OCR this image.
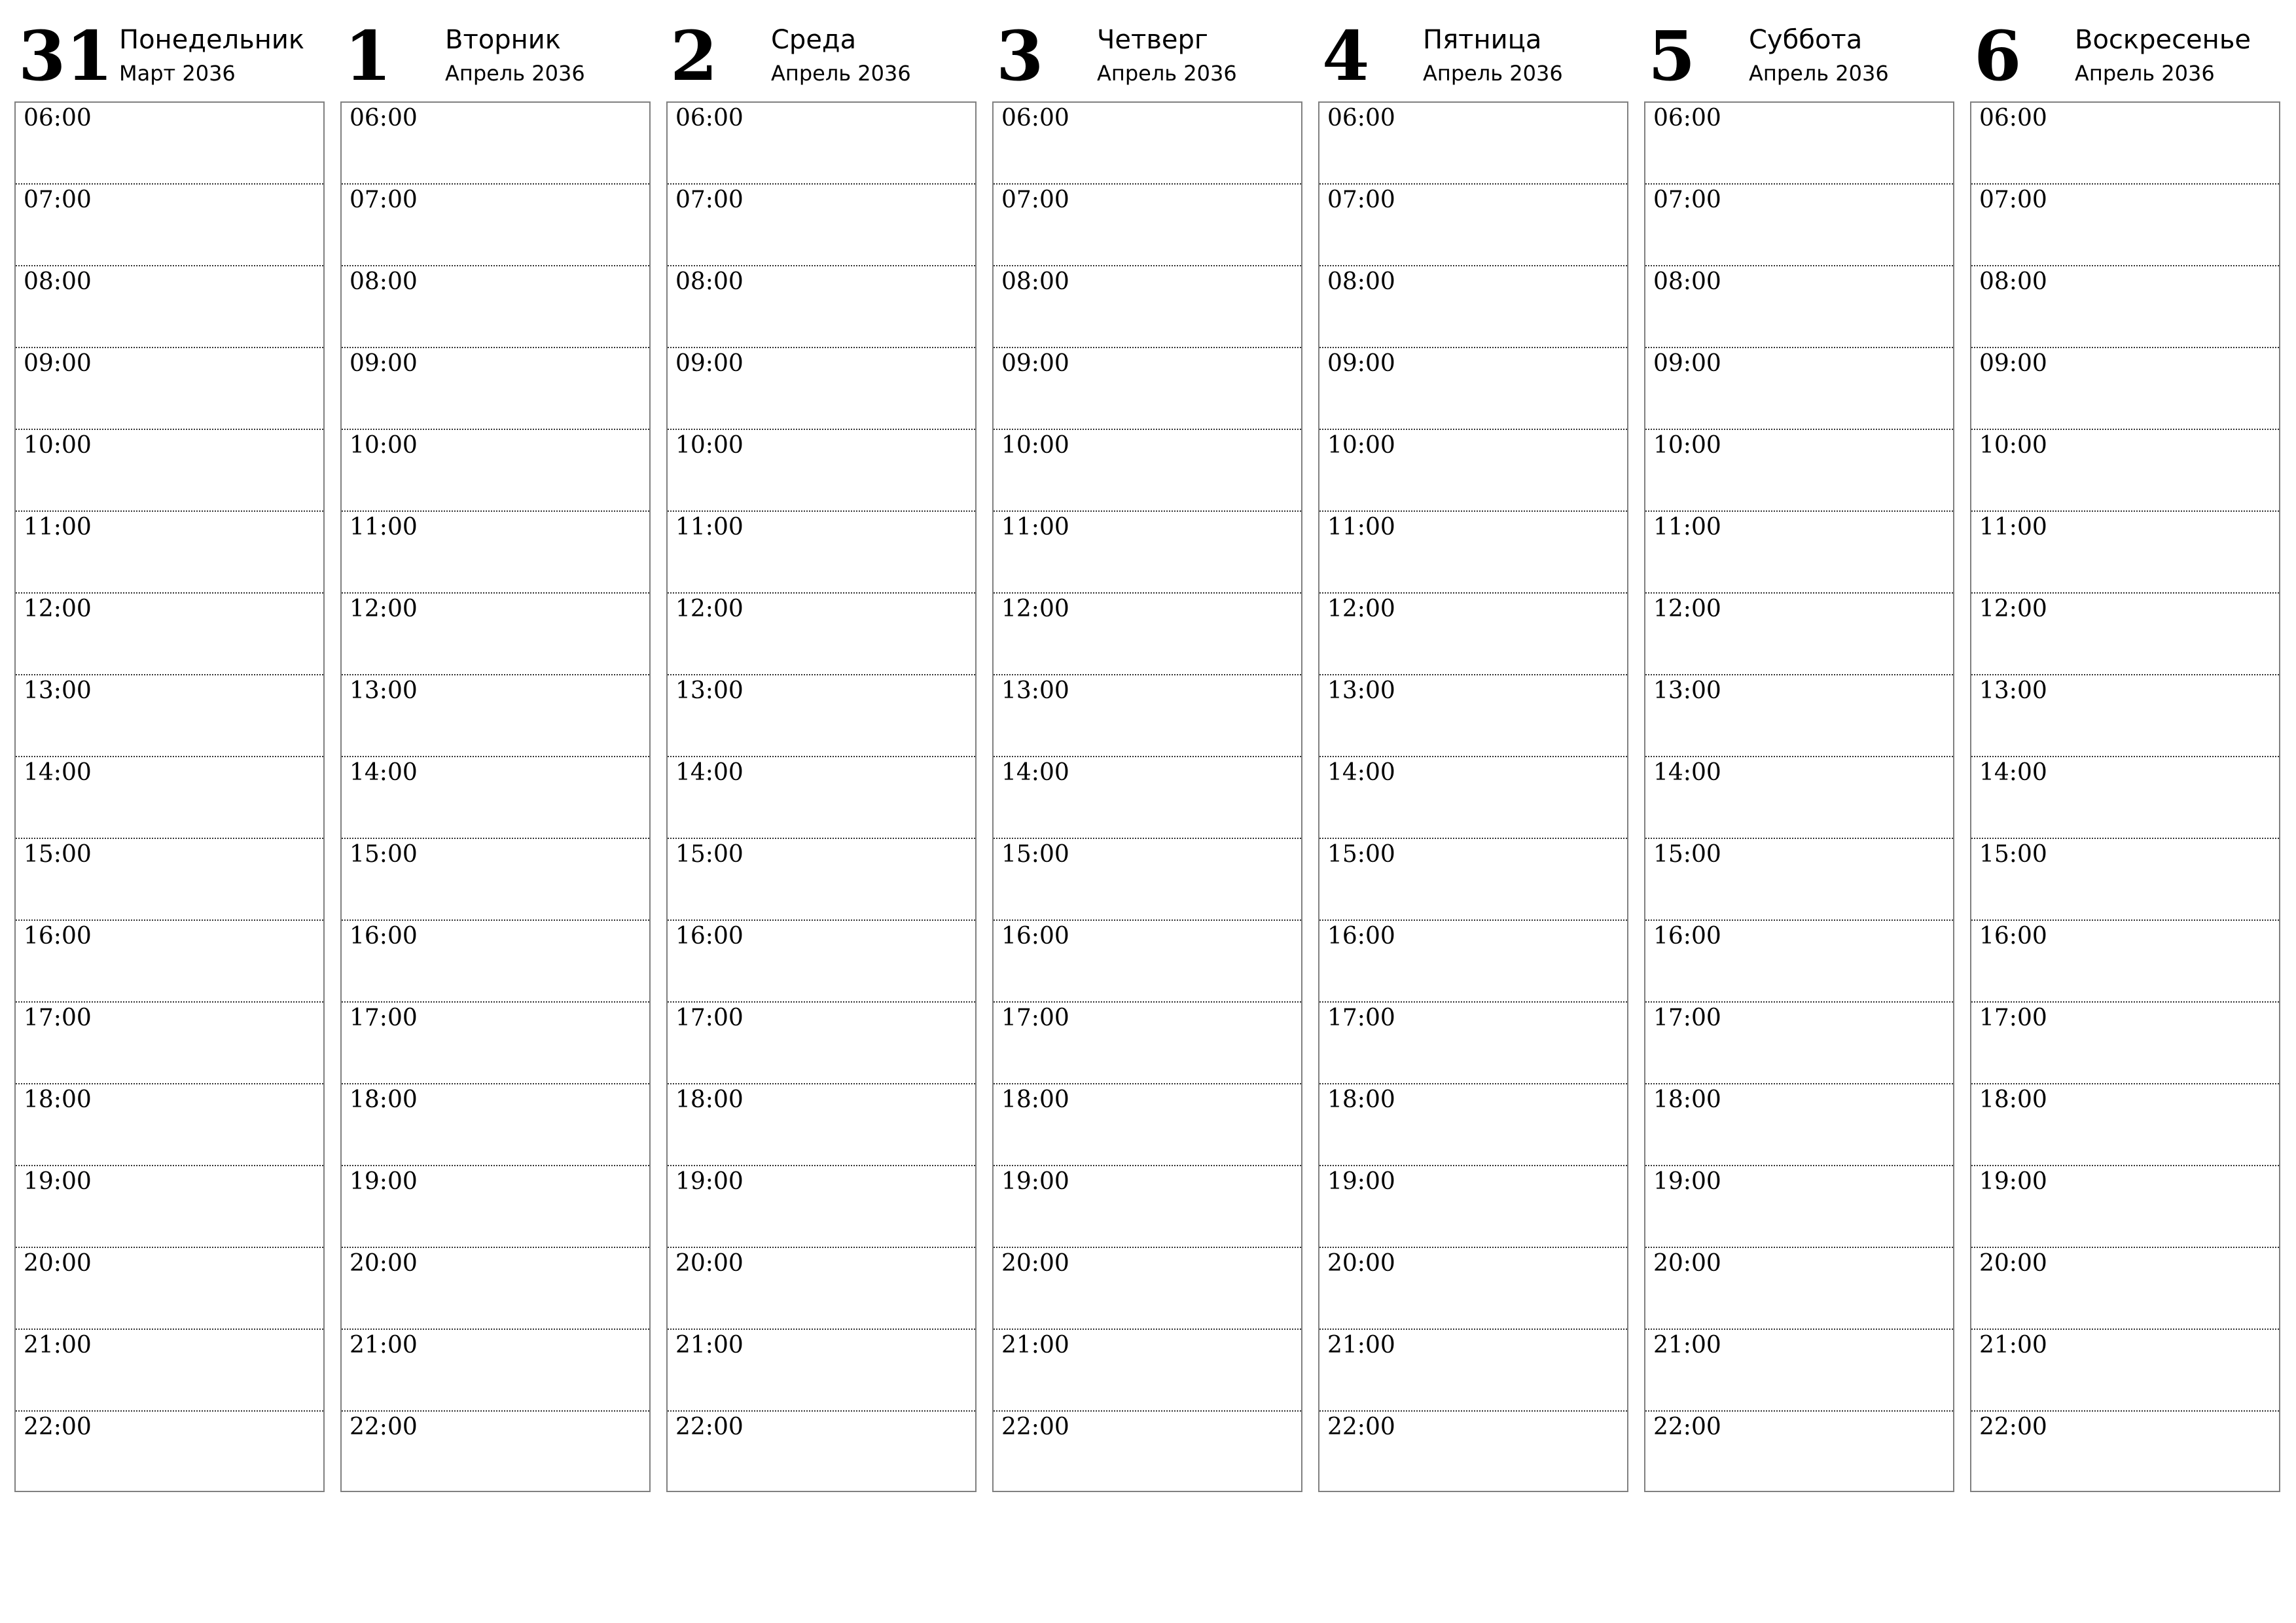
31 Понедельник
Март 2036
06:00
07:00
08:00
09:00
10:00
11:00
12:00
13:00
14:00
15:00
16:00
17:00
18:00
19:00
20:00
21:00
22:00
1 Вторник
Апрель 2036
06:00
07:00
08:00
09:00
10:00
11:00
12:00
13:00
14:00
15:00
16:00
17:00
18:00
19:00
20:00
21:00
22:00
2 Среда
Апрель 2036
06:00
07:00
08:00
09:00
10:00
11:00
12:00
13:00
14:00
15:00
16:00
17:00
18:00
19:00
20:00
21:00
22:00
3 Четверг
Апрель 2036
06:00
07:00
08:00
09:00
10:00
11:00
12:00
13:00
14:00
15:00
16:00
17:00
18:00
19:00
20:00
21:00
22:00
4 Пятница
Апрель 2036
06:00
07:00
08:00
09:00
10:00
11:00
12:00
13:00
14:00
15:00
16:00
17:00
18:00
19:00
20:00
21:00
22:00
5 Суббота
Апрель 2036
06:00
07:00
08:00
09:00
10:00
11:00
12:00
13:00
14:00
15:00
16:00
17:00
18:00
19:00
20:00
21:00
22:00
6 Воскресенье
Апрель 2036
06:00
07:00
08:00
09:00
10:00
11:00
12:00
13:00
14:00
15:00
16:00
17:00
18:00
19:00
20:00
21:00
22:00
